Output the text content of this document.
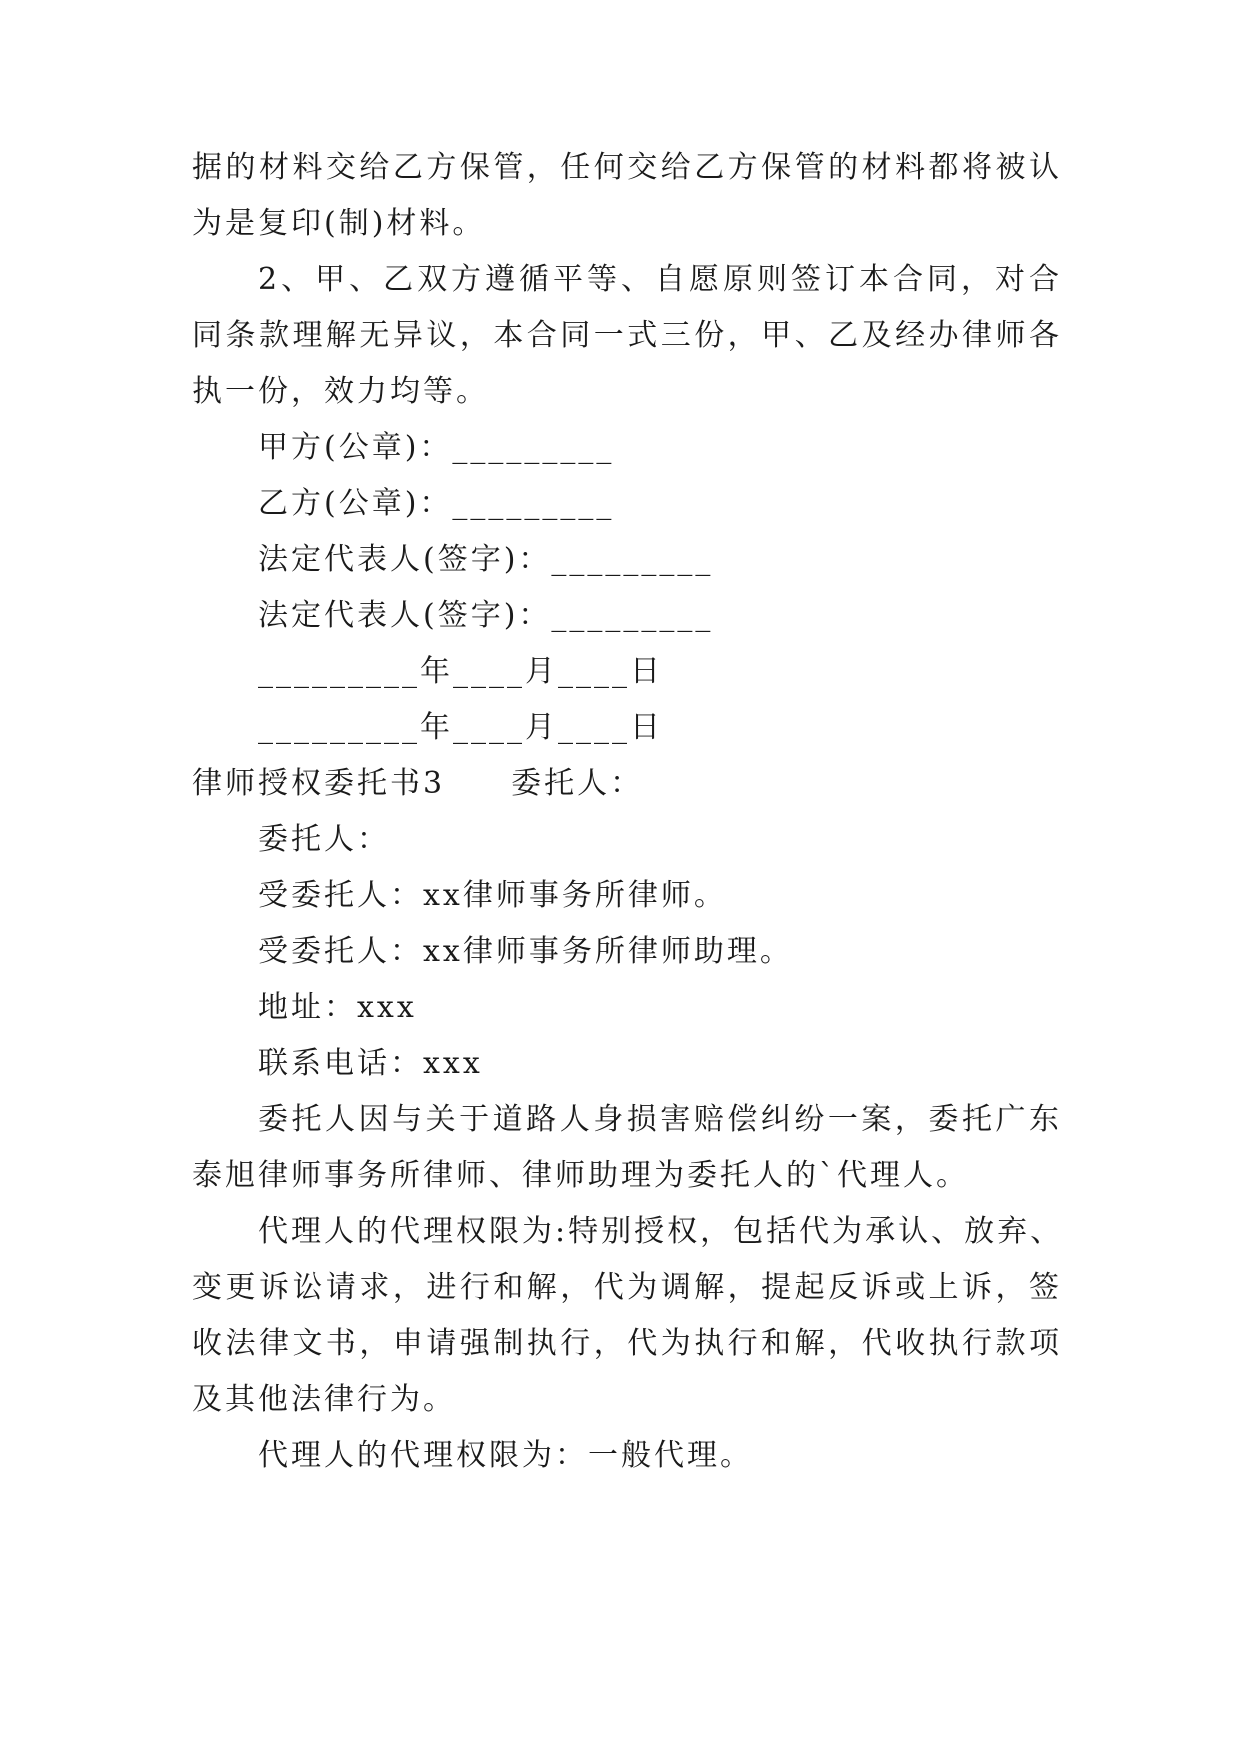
据的材料交给乙方保管，任何交给乙方保管的材料都将被认
为是复印(制)材料。
2、甲、乙双方遵循平等、自愿原则签订本合同，对合
同条款理解无异议，本合同一式三份，甲、乙及经办律师各
执一份，效力均等。
甲方(公章)：_________
乙方(公章)：_________
法定代表人(签字)：_________
法定代表人(签字)：_________
_________年____月____日
_________年____月____日
律师授权委托书3　　委托人：
委托人：
受委托人：xx律师事务所律师。
受委托人：xx律师事务所律师助理。
地址：xxx
联系电话：xxx
委托人因与关于道路人身损害赔偿纠纷一案，委托广东
泰旭律师事务所律师、律师助理为委托人的`代理人。
代理人的代理权限为:特别授权，包括代为承认、放弃、
变更诉讼请求，进行和解，代为调解，提起反诉或上诉，签
收法律文书，申请强制执行，代为执行和解，代收执行款项
及其他法律行为。
代理人的代理权限为：一般代理。
